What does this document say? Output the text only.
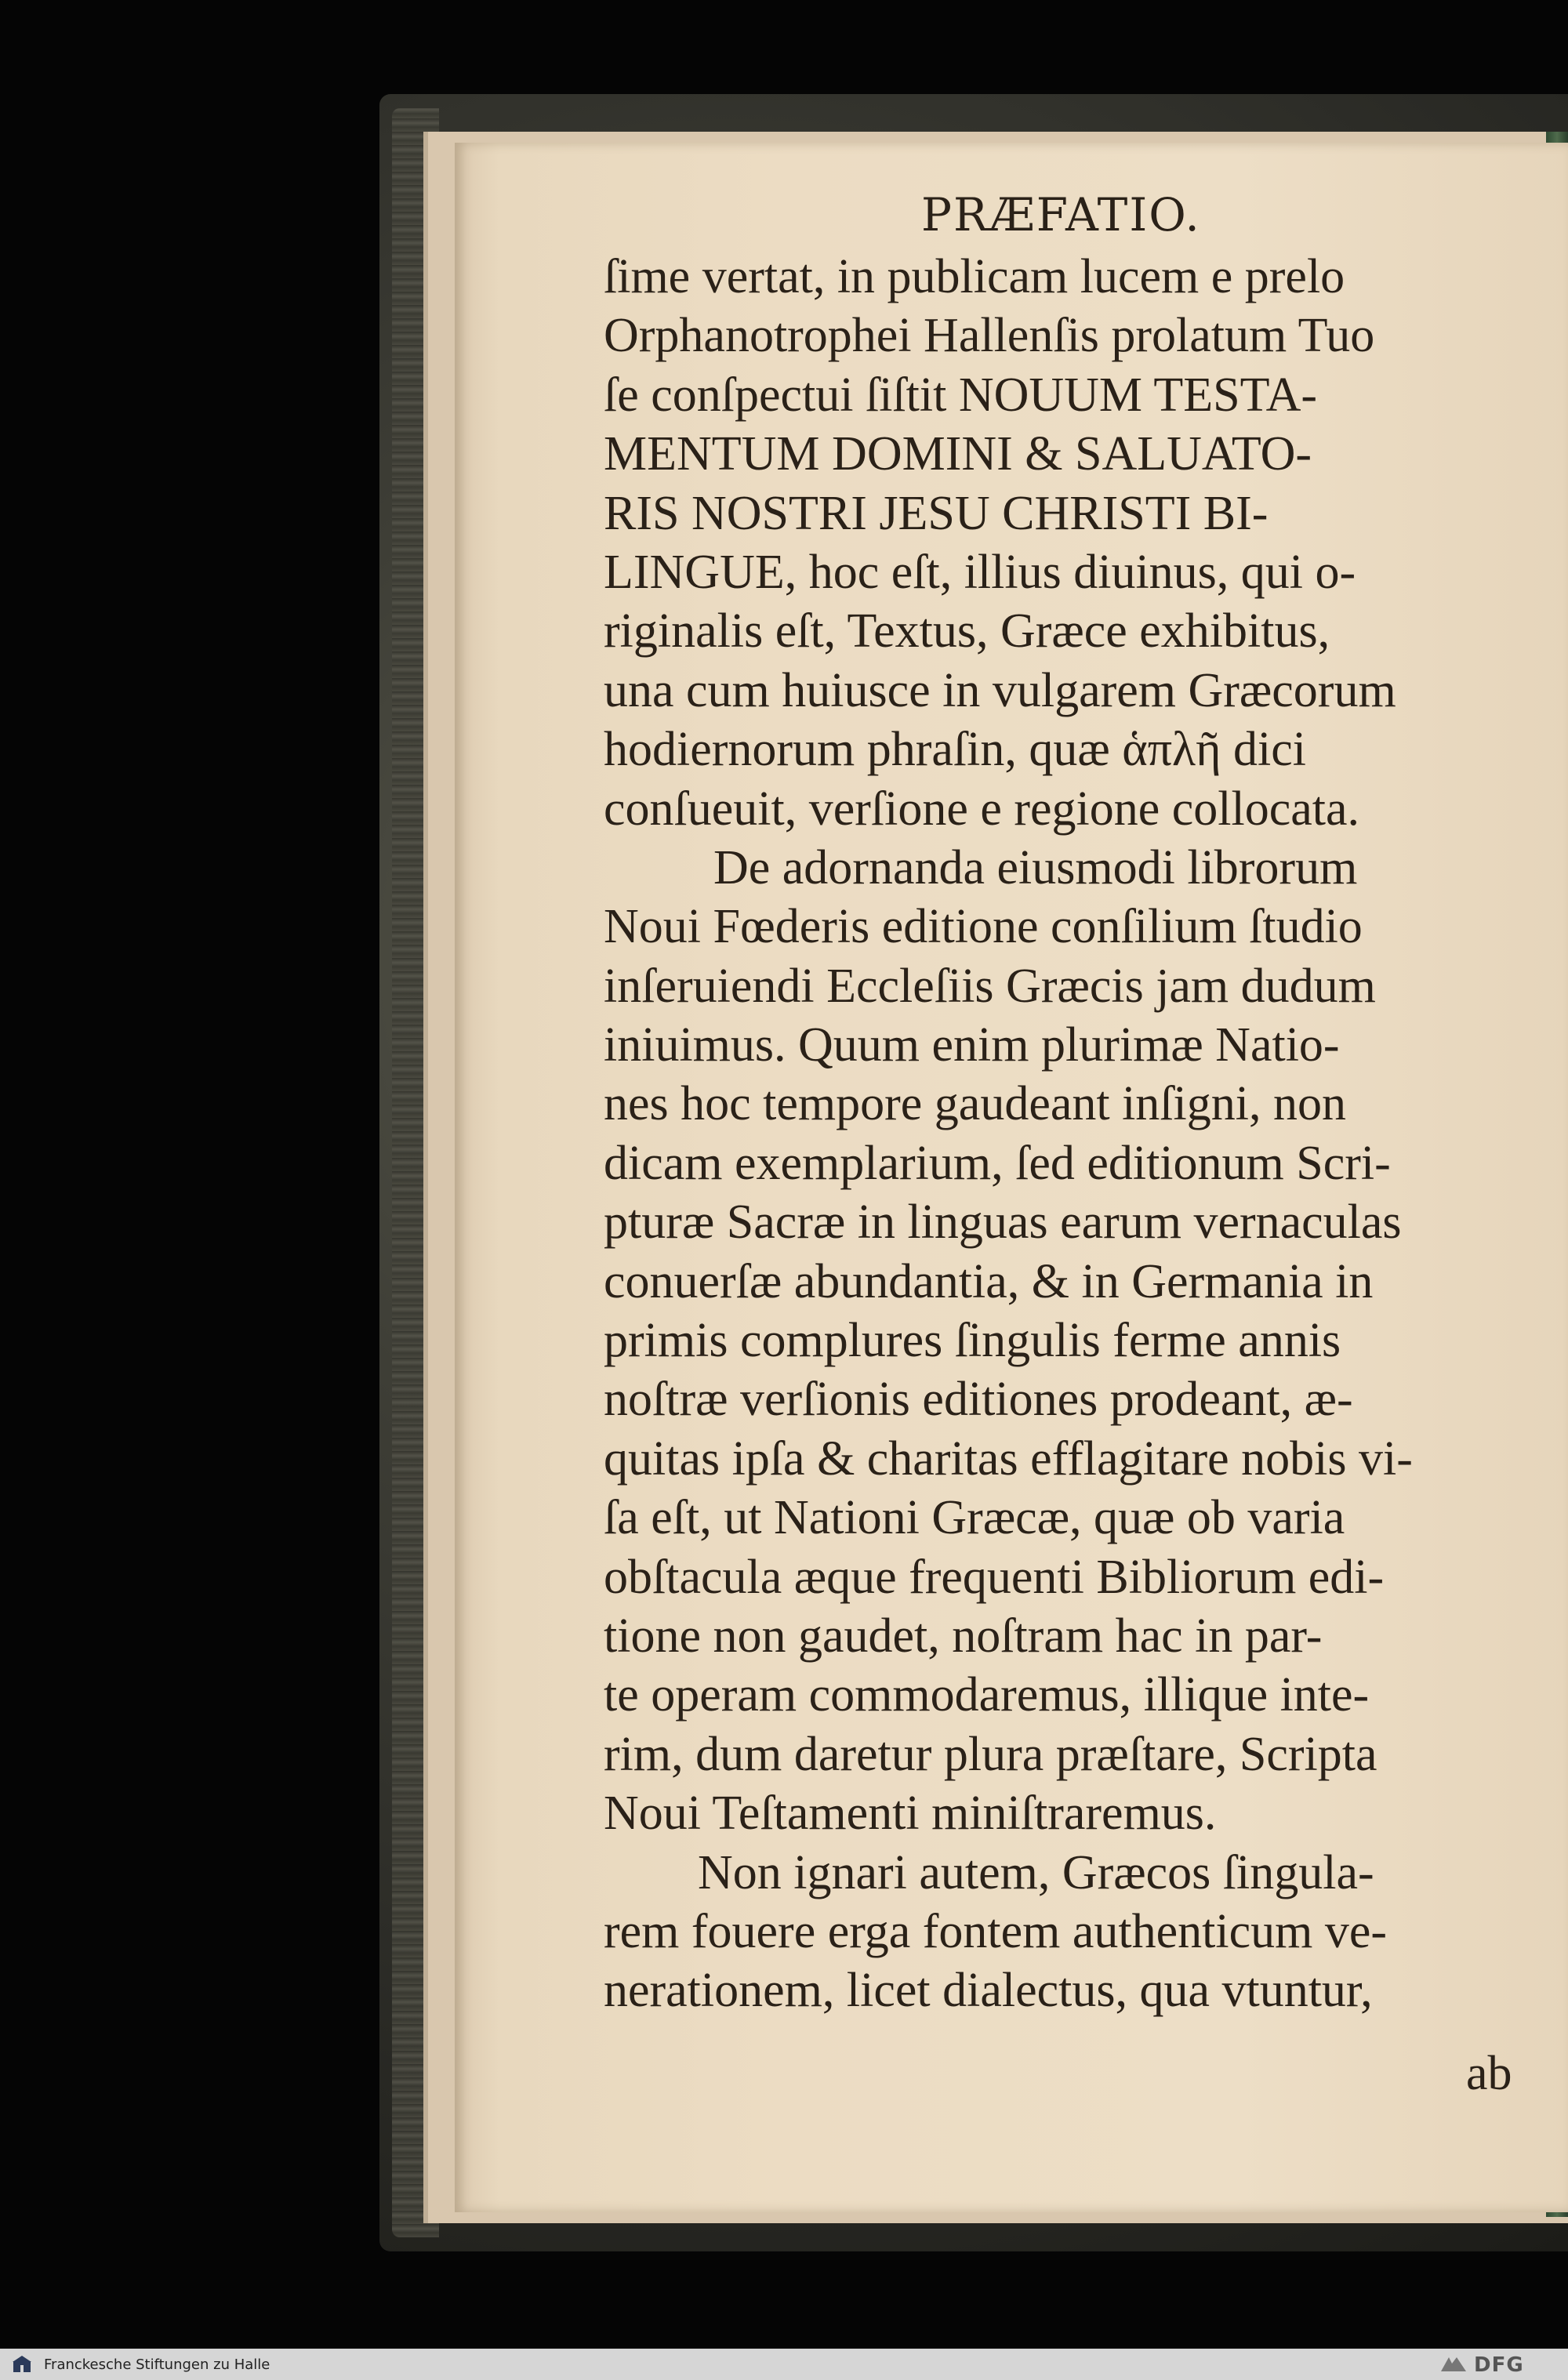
PRÆFATIO.
ſime vertat, in publicam lucem e prelo
Orphanotrophei Hallenſis prolatum Tuo
ſe conſpectui ſiſtit NOUUM TESTA-
MENTUM DOMINI & SALUATO-
RIS NOSTRI JESU CHRISTI BI-
LINGUE, hoc eſt, illius diuinus, qui o-
riginalis eſt, Textus, Græce exhibitus,
una cum huiusce in vulgarem Græcorum
hodiernorum phraſin, quæ ἁπλῆ dici
conſueuit, verſione e regione collocata.
De adornanda eiusmodi librorum
Noui Fœderis editione conſilium ſtudio
inſeruiendi Eccleſiis Græcis jam dudum
iniuimus. Quum enim plurimæ Natio-
nes hoc tempore gaudeant inſigni, non
dicam exemplarium, ſed editionum Scri-
pturæ Sacræ in linguas earum vernaculas
conuerſæ abundantia, & in Germania in
primis complures ſingulis ferme annis
noſtræ verſionis editiones prodeant, æ-
quitas ipſa & charitas efflagitare nobis vi-
ſa eſt, ut Nationi Græcæ, quæ ob varia
obſtacula æque frequenti Bibliorum edi-
tione non gaudet, noſtram hac in par-
te operam commodaremus, illique inte-
rim, dum daretur plura præſtare, Scripta
Noui Teſtamenti miniſtraremus.
Non ignari autem, Græcos ſingula-
rem fouere erga fontem authenticum ve-
nerationem, licet dialectus, qua vtuntur,
ab
Franckesche Stiftungen zu Halle	DFG
